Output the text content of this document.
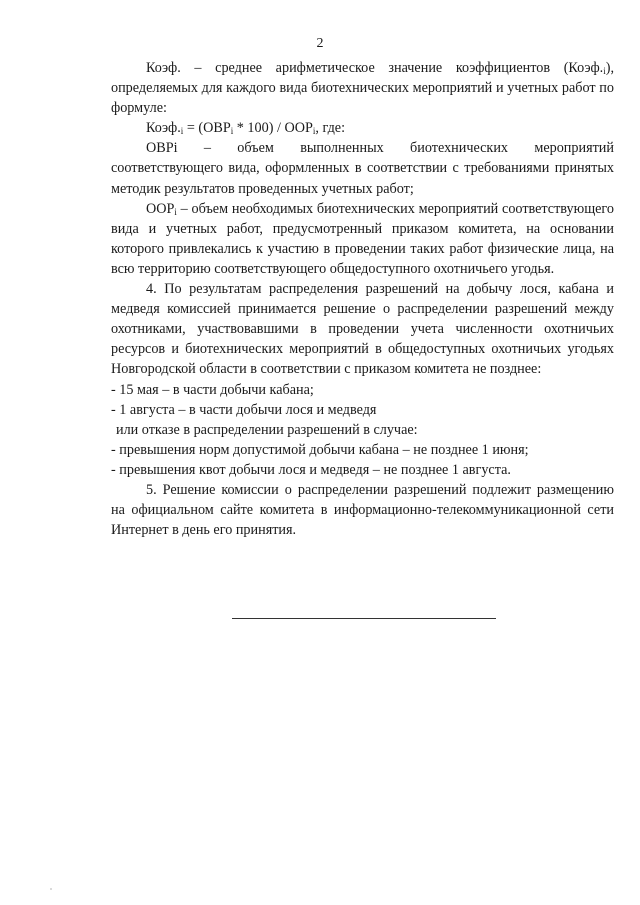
2

Коэф. – среднее арифметическое значение коэффициентов $(Коэф._i)$, определяемых для каждого вида биотехнических мероприятий и учетных работ по формуле:

$Коэф._i = (ОВР_i * 100) / ООР_i$, где:

ОВРi – объем выполненных биотехнических мероприятий соответствующего вида, оформленных в соответствии с требованиями принятых методик результатов проведенных учетных работ;

$ООР_i$ – объем необходимых биотехнических мероприятий соответствующего вида и учетных работ, предусмотренный приказом комитета, на основании которого привлекались к участию в проведении таких работ физические лица, на всю территорию соответствующего общедоступного охотничьего угодья.

4. По результатам распределения разрешений на добычу лося, кабана и медведя комиссией принимается решение о распределении разрешений между охотниками, участвовавшими в проведении учета численности охотничьих ресурсов и биотехнических мероприятий в общедоступных охотничьих угодьях Новгородской области в соответствии с приказом комитета не позднее:

- 15 мая – в части добычи кабана;

- 1 августа – в части добычи лося и медведя

или отказе в распределении разрешений в случае:

- превышения норм допустимой добычи кабана – не позднее 1 июня;

- превышения квот добычи лося и медведя – не позднее 1 августа.

5. Решение комиссии о распределении разрешений подлежит размещению на официальном сайте комитета в информационно-телекоммуникационной сети Интернет в день его принятия.
